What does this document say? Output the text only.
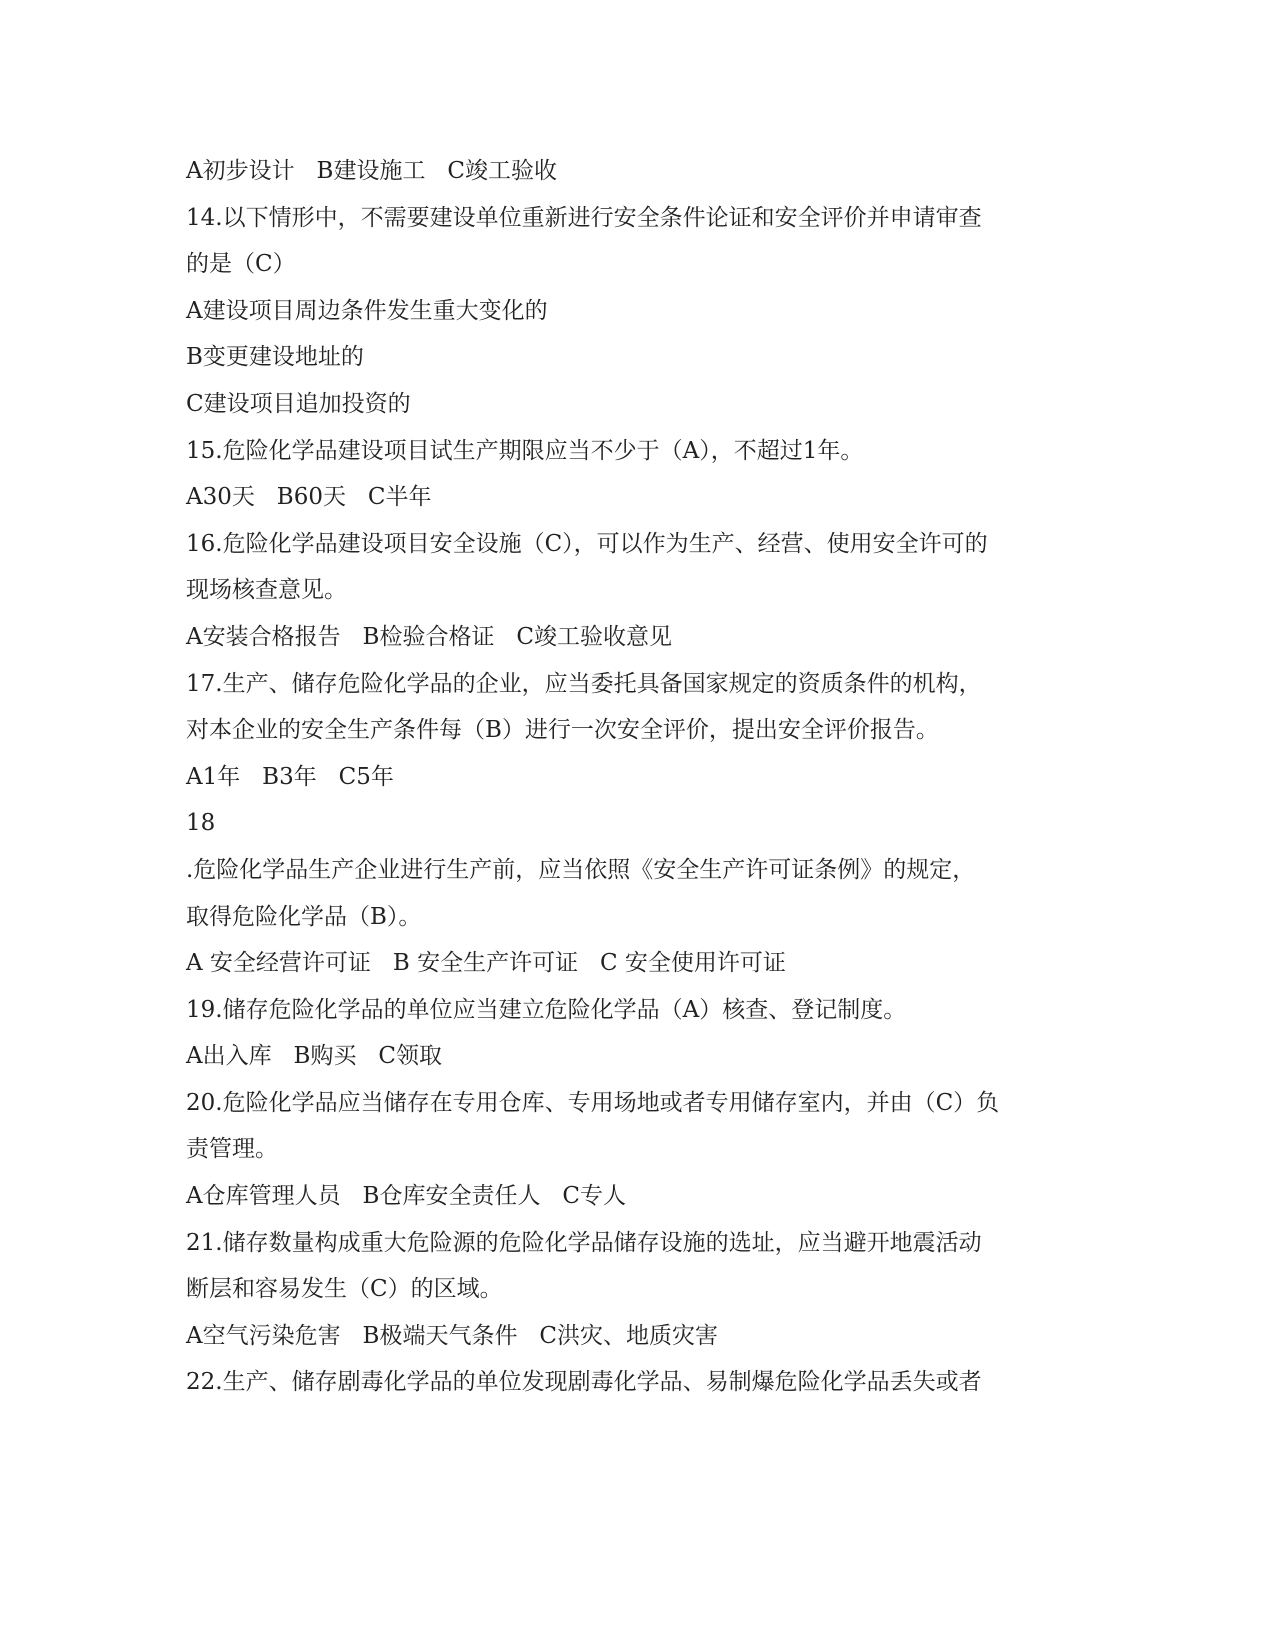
A初步设计   B建设施工   C竣工验收
14.以下情形中，不需要建设单位重新进行安全条件论证和安全评价并申请审查
的是（C）
A建设项目周边条件发生重大变化的
B变更建设地址的
C建设项目追加投资的
15.危险化学品建设项目试生产期限应当不少于（A），不超过1年。
A30天   B60天   C半年
16.危险化学品建设项目安全设施（C），可以作为生产、经营、使用安全许可的
现场核查意见。
A安装合格报告   B检验合格证   C竣工验收意见
17.生产、储存危险化学品的企业，应当委托具备国家规定的资质条件的机构，
对本企业的安全生产条件每（B）进行一次安全评价，提出安全评价报告。
A1年   B3年   C5年
18
.危险化学品生产企业进行生产前，应当依照《安全生产许可证条例》的规定，
取得危险化学品（B）。
A 安全经营许可证   B 安全生产许可证   C 安全使用许可证
19.储存危险化学品的单位应当建立危险化学品（A）核查、登记制度。
A出入库   B购买   C领取
20.危险化学品应当储存在专用仓库、专用场地或者专用储存室内，并由（C）负
责管理。
A仓库管理人员   B仓库安全责任人   C专人
21.储存数量构成重大危险源的危险化学品储存设施的选址，应当避开地震活动
断层和容易发生（C）的区域。
A空气污染危害   B极端天气条件   C洪灾、地质灾害
22.生产、储存剧毒化学品的单位发现剧毒化学品、易制爆危险化学品丢失或者
